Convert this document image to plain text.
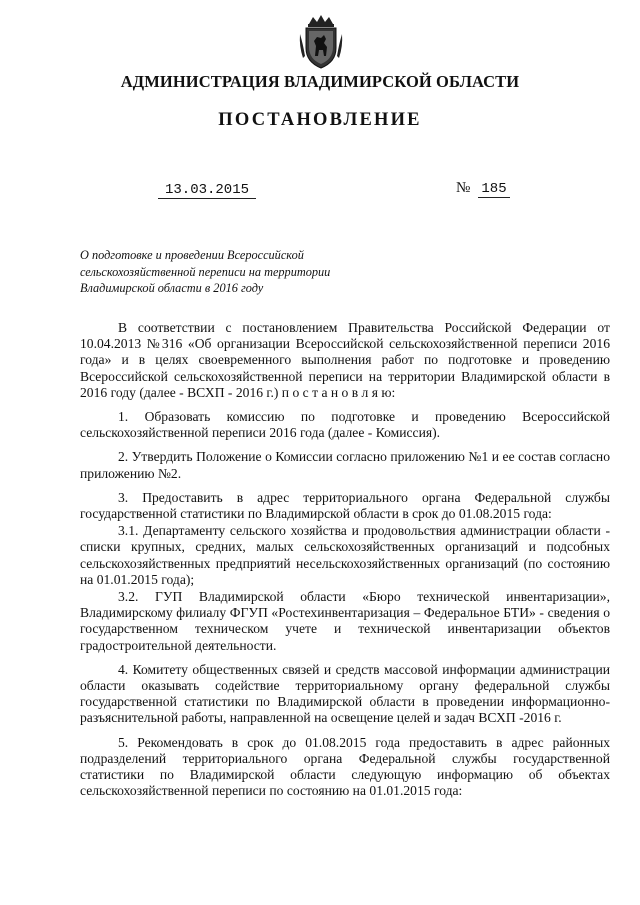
АДМИНИСТРАЦИЯ ВЛАДИМИРСКОЙ ОБЛАСТИ
ПОСТАНОВЛЕНИЕ
13.03.2015	№ 185
О подготовке и проведении Всероссийской
сельскохозяйственной переписи на территории
Владимирской области в 2016 году

В соответствии с постановлением Правительства Российской Федерации от 10.04.2013 №316 «Об организации Всероссийской сельскохозяйственной переписи 2016 года» и в целях своевременного выполнения работ по подготовке и проведению Всероссийской сельскохозяйственной переписи на территории Владимирской области в 2016 году (далее - ВСХП - 2016 г.) п о с т а н о в л я ю:

1. Образовать комиссию по подготовке и проведению Всероссийской сельскохозяйственной переписи 2016 года (далее - Комиссия).

2. Утвердить Положение о Комиссии согласно приложению №1 и ее состав согласно приложению №2.

3. Предоставить в адрес территориального органа Федеральной службы государственной статистики по Владимирской области в срок до 01.08.2015 года:

3.1. Департаменту сельского хозяйства и продовольствия администрации области - списки крупных, средних, малых сельскохозяйственных организаций и подсобных сельскохозяйственных предприятий несельскохозяйственных организаций (по состоянию на 01.01.2015 года);

3.2. ГУП Владимирской области «Бюро технической инвентаризации», Владимирскому филиалу ФГУП «Ростехинвентаризация – Федеральное БТИ» - сведения о государственном техническом учете и технической инвентаризации объектов градостроительной деятельности.

4. Комитету общественных связей и средств массовой информации администрации области оказывать содействие территориальному органу федеральной службы государственной статистики по Владимирской области в проведении информационно-разъяснительной работы, направленной на освещение целей и задач ВСХП -2016 г.

5. Рекомендовать в срок до 01.08.2015 года предоставить в адрес районных подразделений территориального органа Федеральной службы государственной статистики по Владимирской области следующую информацию об объектах сельскохозяйственной переписи по состоянию на 01.01.2015 года:
